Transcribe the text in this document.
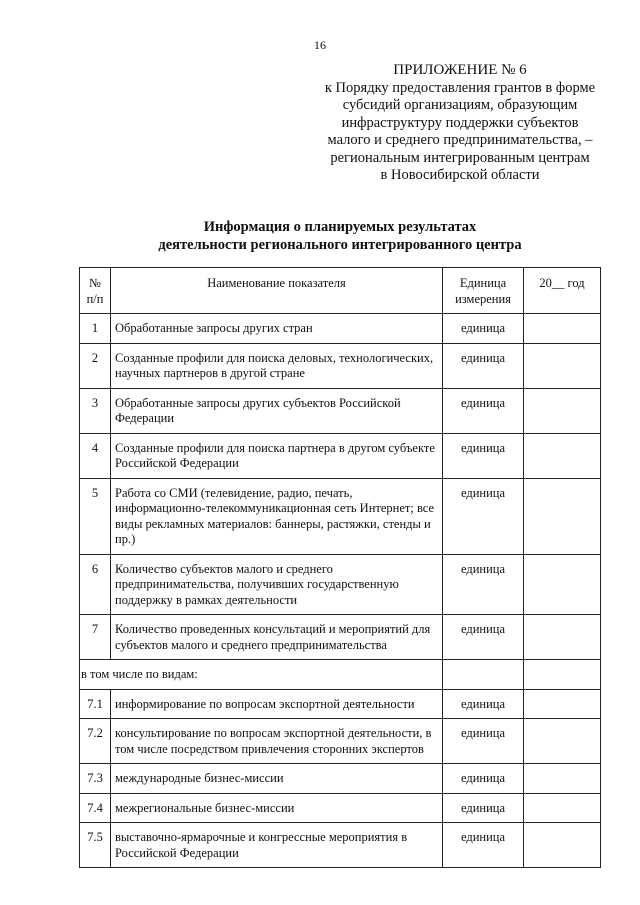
16
ПРИЛОЖЕНИЕ № 6
к Порядку предоставления грантов в форме
субсидий организациям, образующим
инфраструктуру поддержки субъектов
малого и среднего предпринимательства, –
региональным интегрированным центрам
в Новосибирской области
Информация о планируемых результатах
деятельности регионального интегрированного центра
№ п/п	Наименование показателя	Единица измерения	20__ год
1	Обработанные запросы других стран	единица	
2	Созданные профили для поиска деловых, технологических, научных партнеров в другой стране	единица	
3	Обработанные запросы других субъектов Российской Федерации	единица	
4	Созданные профили для поиска партнера в другом субъекте Российской Федерации	единица	
5	Работа со СМИ (телевидение, радио, печать, информационно-телекоммуникационная сеть Интернет; все виды рекламных материалов: баннеры, растяжки, стенды и пр.)	единица	
6	Количество субъектов малого и среднего предпринимательства, получивших государственную поддержку в рамках деятельности	единица	
7	Количество проведенных консультаций и мероприятий для субъектов малого и среднего предпринимательства	единица	
в том числе по видам:			
7.1	информирование по вопросам экспортной деятельности	единица	
7.2	консультирование по вопросам экспортной деятельности, в том числе посредством привлечения сторонних экспертов	единица	
7.3	международные бизнес-миссии	единица	
7.4	межрегиональные бизнес-миссии	единица	
7.5	выставочно-ярмарочные и конгрессные мероприятия в Российской Федерации	единица	
